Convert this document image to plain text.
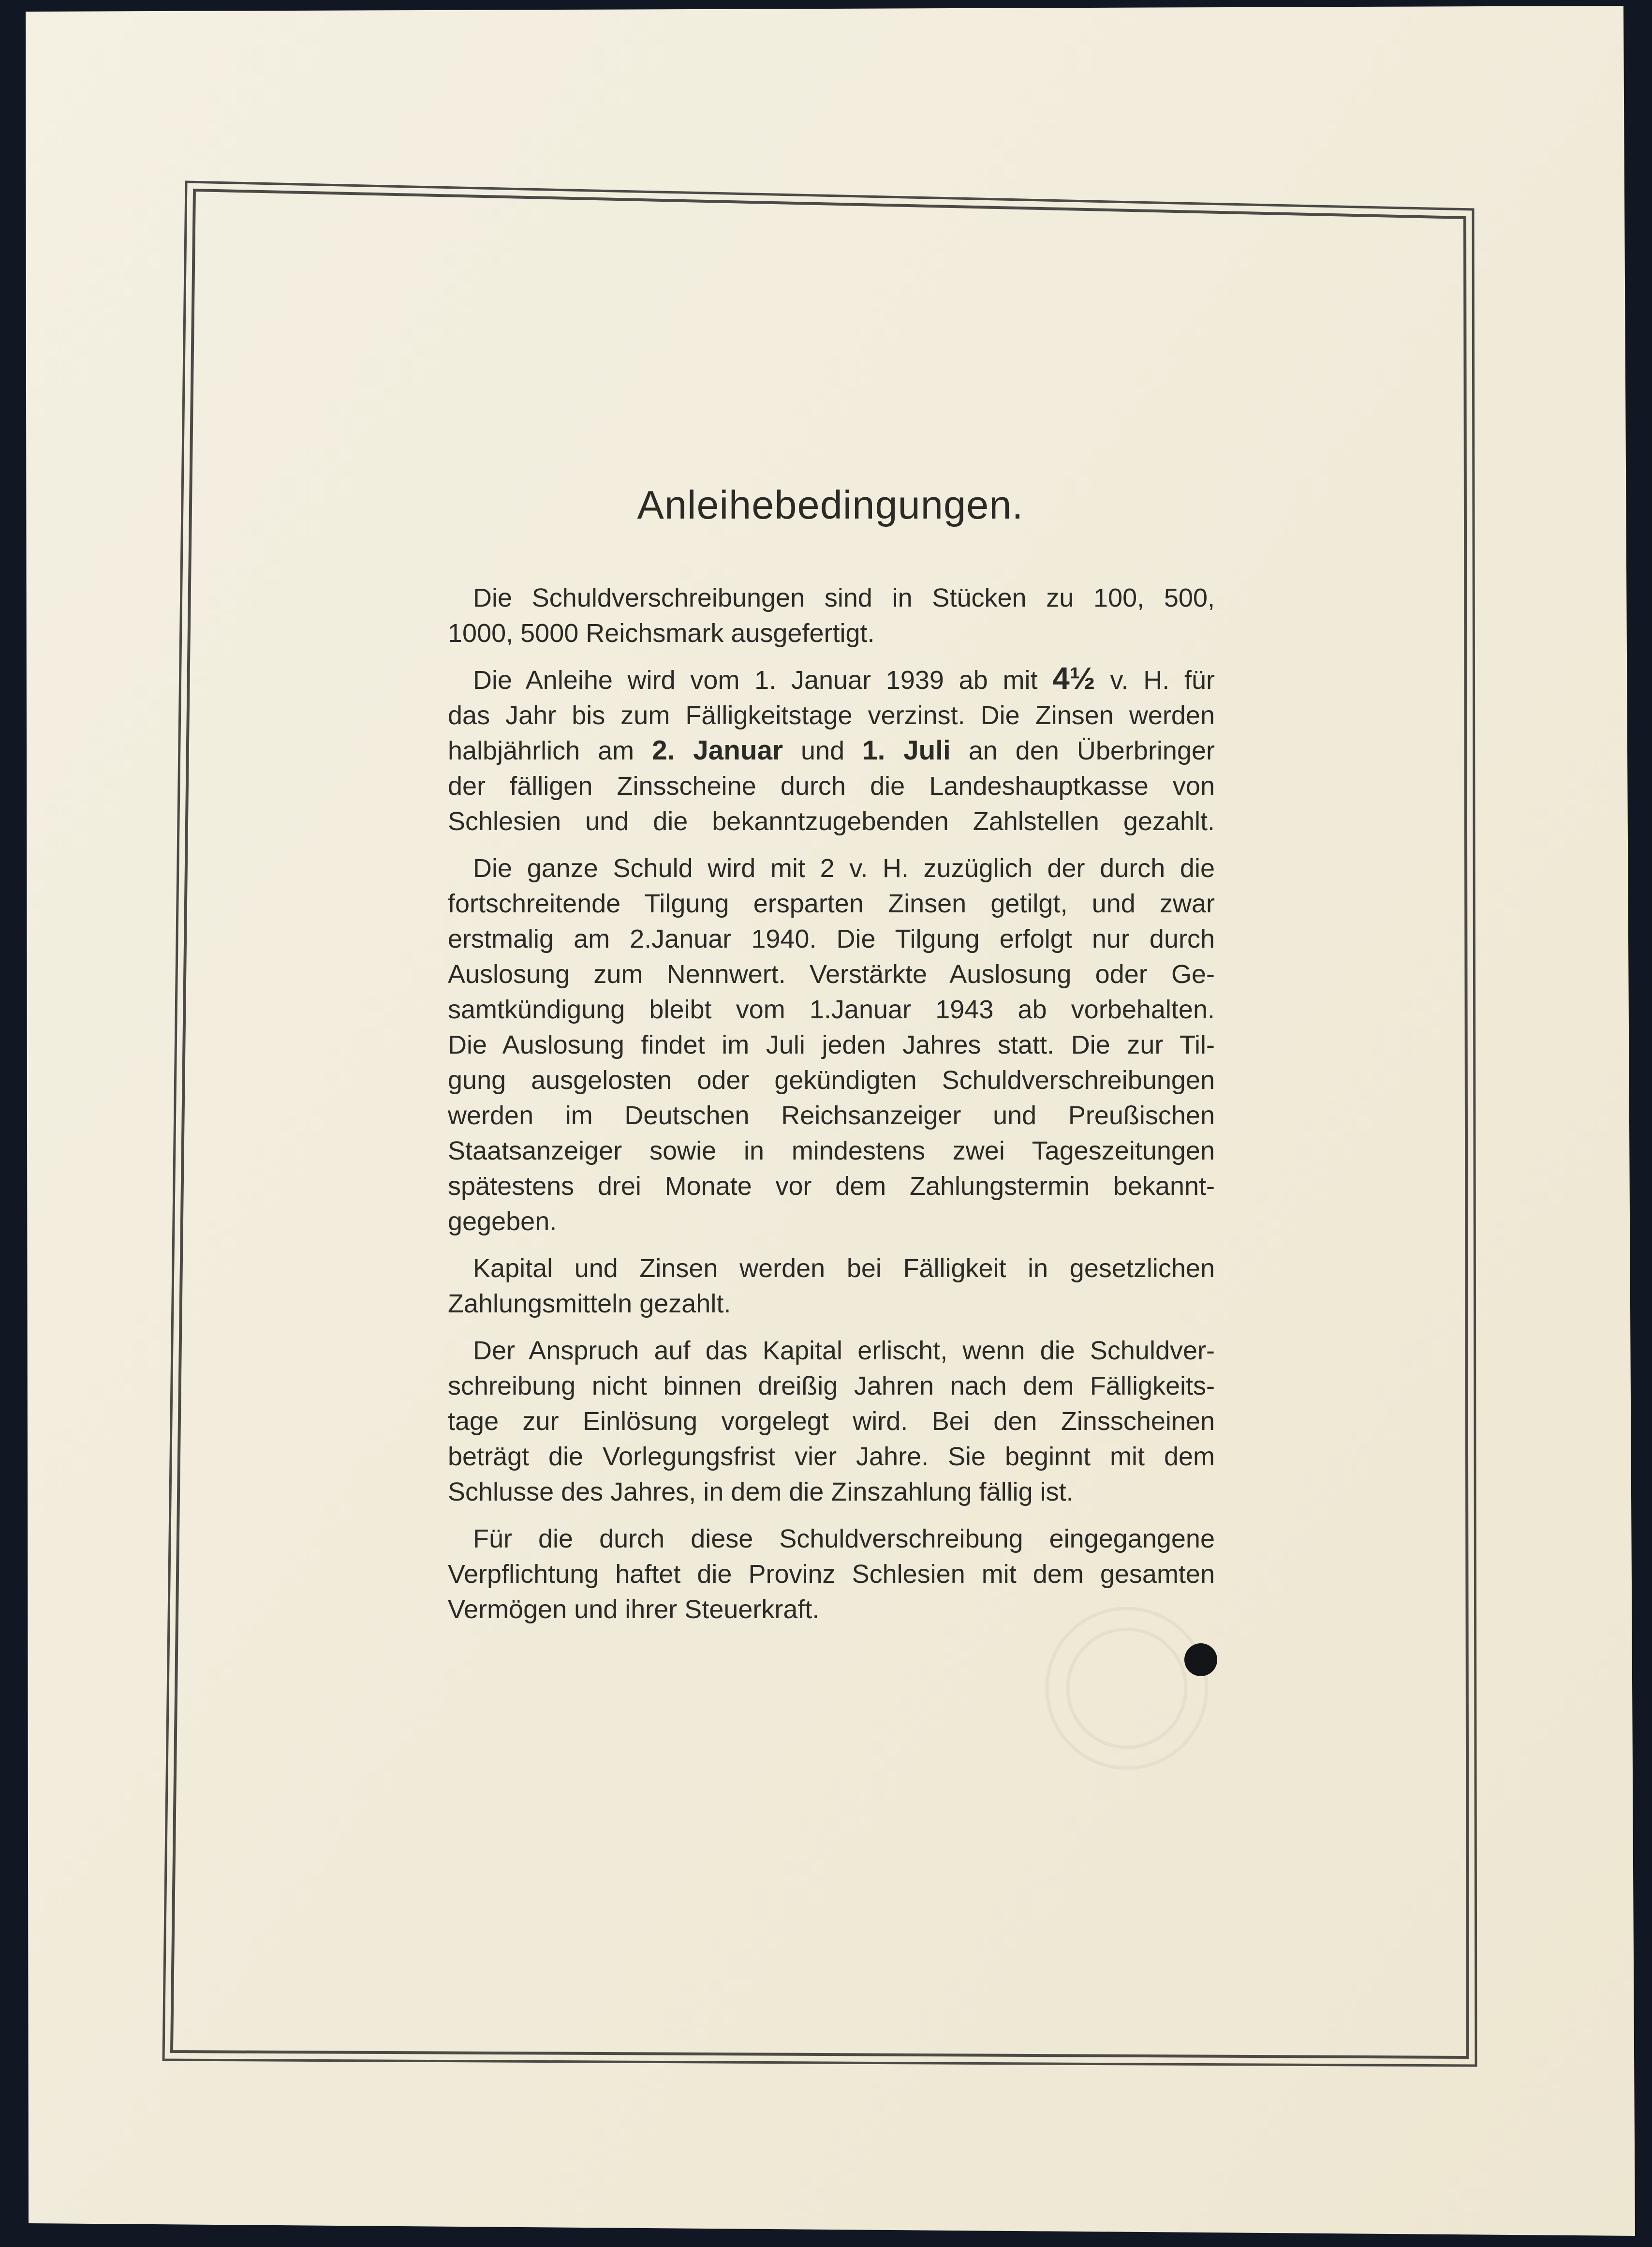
Anleihebedingungen.
Die Schuldverschreibungen sind in Stücken zu 100, 500,
1000, 5000 Reichsmark ausgefertigt.
Die Anleihe wird vom 1. Januar 1939 ab mit 4½ v. H. für
das Jahr bis zum Fälligkeitstage verzinst. Die Zinsen werden
halbjährlich am 2. Januar und 1. Juli an den Überbringer
der fälligen Zinsscheine durch die Landeshauptkasse von
Schlesien und die bekanntzugebenden Zahlstellen gezahlt.
Die ganze Schuld wird mit 2 v. H. zuzüglich der durch die
fortschreitende Tilgung ersparten Zinsen getilgt, und zwar
erstmalig am 2.Januar 1940. Die Tilgung erfolgt nur durch
Auslosung zum Nennwert. Verstärkte Auslosung oder Ge-
samtkündigung bleibt vom 1.Januar 1943 ab vorbehalten.
Die Auslosung findet im Juli jeden Jahres statt. Die zur Til-
gung ausgelosten oder gekündigten Schuldverschreibungen
werden im Deutschen Reichsanzeiger und Preußischen
Staatsanzeiger sowie in mindestens zwei Tageszeitungen
spätestens drei Monate vor dem Zahlungstermin bekannt-
gegeben.
Kapital und Zinsen werden bei Fälligkeit in gesetzlichen
Zahlungsmitteln gezahlt.
Der Anspruch auf das Kapital erlischt, wenn die Schuldver-
schreibung nicht binnen dreißig Jahren nach dem Fälligkeits-
tage zur Einlösung vorgelegt wird. Bei den Zinsscheinen
beträgt die Vorlegungsfrist vier Jahre. Sie beginnt mit dem
Schlusse des Jahres, in dem die Zinszahlung fällig ist.
Für die durch diese Schuldverschreibung eingegangene
Verpflichtung haftet die Provinz Schlesien mit dem gesamten
Vermögen und ihrer Steuerkraft.
